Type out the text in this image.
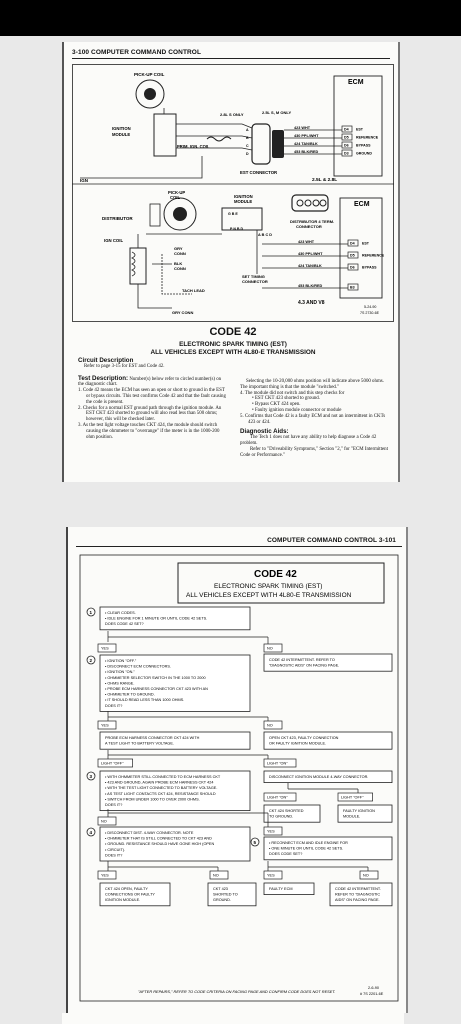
3-100 COMPUTER COMMAND CONTROL
ECM
PICK-UP COIL
IGNITION
MODULE
PRIM. IGN. COIL
2.8L S ONLY	2.5L S, M ONLY
EST CONNECTOR
IGN	2.5L & 2.8L
423 WHT	D4 EST
A
430 PPL/WHT	D5 REFERENCE
B
424 TAN/BLK	D6 BYPASS
C
453 BLK/RED	D3 GROUND
D
ECM
DISTRIBUTOR
PICK-UP
COIL	IGNITION
MODULE
G B E
P N B D
DISTRIBUTOR 4 TERM.
CONNECTOR
A B C D
IGN COIL
GRY
CONN
BLK
CONN
SET TIMING
CONNECTOR
TACH LEAD
GRY CONN
4.3 AND V8
5-24-90
7S 2730-6E
423 WHT	D4 EST
430 PPL/WHT	D5 REFERENCE
424 TAN/BLK	D6 BYPASS
453 BLK/RED	B3
CODE 42
ELECTRONIC SPARK TIMING (EST)
ALL VEHICLES EXCEPT WITH 4L80-E TRANSMISSION
Circuit Description
Refer to page 3-15 for EST and Code 42.
Test Description: Number(s) below refer to circled number(s) on the diagnostic chart.
1. Code 42 means the ECM has seen an open or short to ground in the EST or bypass circuits. This test confirms Code 42 and that the fault causing the code is present.
2. Checks for a normal EST ground path through the ignition module. An EST CKT 423 shorted to ground will also read less than 500 ohms; however, this will be checked later.
3. As the test light voltage touches CKT 424, the module should switch causing the ohmmeter to "overrange" if the meter is in the 1000-200 ohm position.
Selecting the 10-20,000 ohms position will indicate above 5000 ohms. The important thing is that the module "switched."
4. The module did not switch and this step checks for
• EST CKT 423 shorted to ground.
• Bypass CKT 424 open.
• Faulty ignition module connector or module
5. Confirms that Code 42 is a faulty ECM and not an intermittent in CKTs 423 or 424.
Diagnostic Aids:
The Tech 1 does not have any ability to help diagnose a Code 42 problem.
Refer to "Driveability Symptoms," Section "2," for "ECM Intermittent Code or Performance."
COMPUTER COMMAND CONTROL 3-101
CODE 42
ELECTRONIC SPARK TIMING (EST)
ALL VEHICLES EXCEPT WITH 4L80-E TRANSMISSION
• CLEAR CODES.
• IDLE ENGINE FOR 1 MINUTE OR UNTIL CODE 42 SETS.
DOES CODE 42 SET?
1
YES	NO
CODE 42 INTERMITTENT. REFER TO
"DIAGNOSTIC AIDS" ON FACING PAGE.
• IGNITION "OFF."
• DISCONNECT ECM CONNECTORS.
• IGNITION "ON."
• OHMMETER SELECTOR SWITCH IN THE 1000 TO 2000
• OHMS RANGE.
• PROBE ECM HARNESS CONNECTOR CKT 423 WITH AN
• OHMMETER TO GROUND.
• IT SHOULD READ LESS THAN 1000 OHMS.
DOES IT?
2
YES	NO
PROBE ECM HARNESS CONNECTOR CKT 424 WITH
A TEST LIGHT TO BATTERY VOLTAGE.
OPEN CKT 423, FAULTY CONNECTION
OR FAULTY IGNITION MODULE.
LIGHT "OFF"	LIGHT "ON"
• WITH OHMMETER STILL CONNECTED TO ECM HARNESS CKT
• 423 AND GROUND, AGAIN PROBE ECM HARNESS CKT 424
• WITH THE TEST LIGHT CONNECTED TO BATTERY VOLTAGE.
• AS TEST LIGHT CONTACTS CKT 424, RESISTANCE SHOULD
• SWITCH FROM UNDER 1000 TO OVER 2000 OHMS.
DOES IT?
3	DISCONNECT IGNITION MODULE 4-WAY CONNECTOR.
LIGHT "ON"	LIGHT "OFF"
CKT 424 SHORTED
TO GROUND.
FAULTY IGNITION
MODULE.
NO
YES
• DISCONNECT DIST. 4-WAY CONNECTOR. NOTE
• OHMMETER THAT IS STILL CONNECTED TO CKT 423 AND
• GROUND. RESISTANCE SHOULD HAVE GONE HIGH (OPEN
• CIRCUIT).
DOES IT?
4
• RECONNECT ECM AND IDLE ENGINE FOR
• ONE MINUTE OR UNTIL CODE 42 SETS.
DOES CODE SET?
5
YES	NO	YES	NO
CKT 424 OPEN, FAULTY
CONNECTIONS OR FAULTY
IGNITION MODULE.
CKT 423
SHORTED TO
GROUND.
FAULTY ECM	CODE 42 INTERMITTENT.
REFER TO "DIAGNOSTIC
AIDS" ON FACING PAGE.
"AFTER REPAIRS," REFER TO CODE CRITERIA ON FACING PAGE AND CONFIRM CODE DOES NOT RESET.
2-6-90
# 7S 2201-6E
